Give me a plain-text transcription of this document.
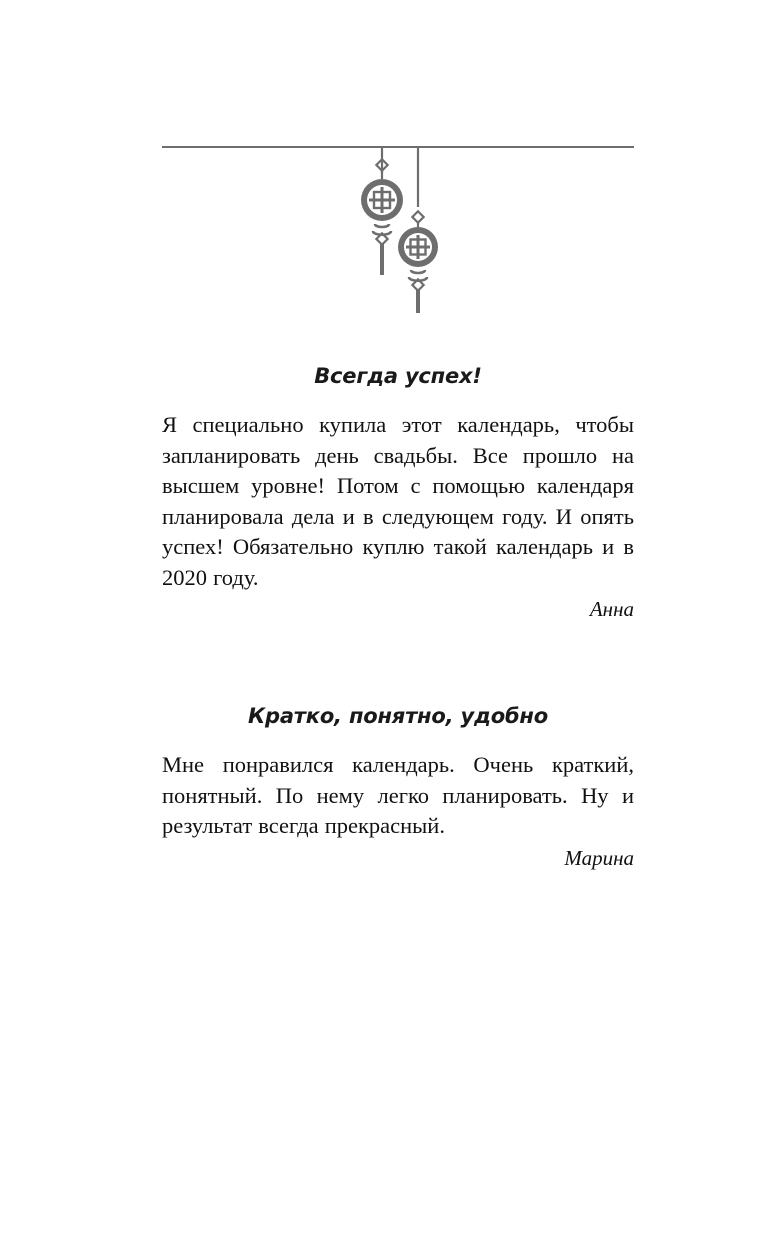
Всегда успех!

Я специально купила этот календарь, чтобы запланировать день свадьбы. Все прошло на высшем уровне! Потом с помощью календаря планировала дела и в следующем году. И опять успех! Обязательно куплю такой календарь и в 2020 году.

Анна

Кратко, понятно, удобно

Мне понравился календарь. Очень краткий, понятный. По нему легко планировать. Ну и результат всегда прекрасный.

Марина
